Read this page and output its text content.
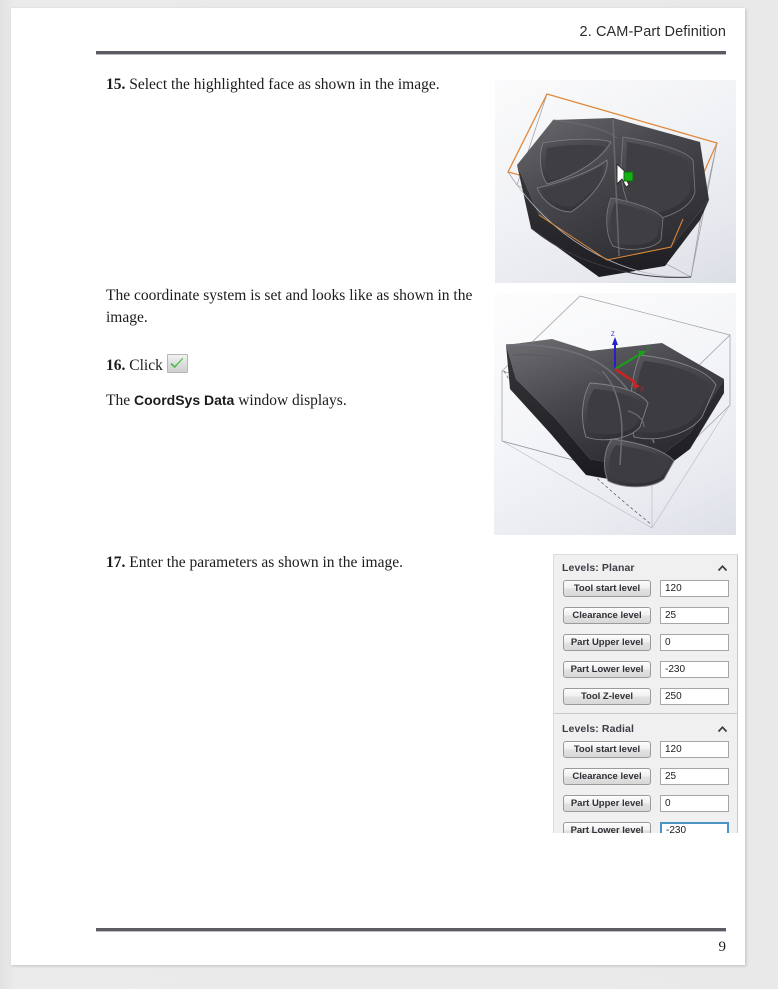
2. CAM-Part Definition
15. Select the highlighted face as shown in the image.
The coordinate system is set and looks like as shown in the image.
16. Click
The CoordSys Data window displays.
17. Enter the parameters as shown in the image.
Z
Y
X
Levels: Planar
Tool start level
120
Clearance level
25
Part Upper level
0
Part Lower level
-230
Tool Z-level
250
Levels: Radial
Tool start level
120
Clearance level
25
Part Upper level
0
Part Lower level
-230
9
